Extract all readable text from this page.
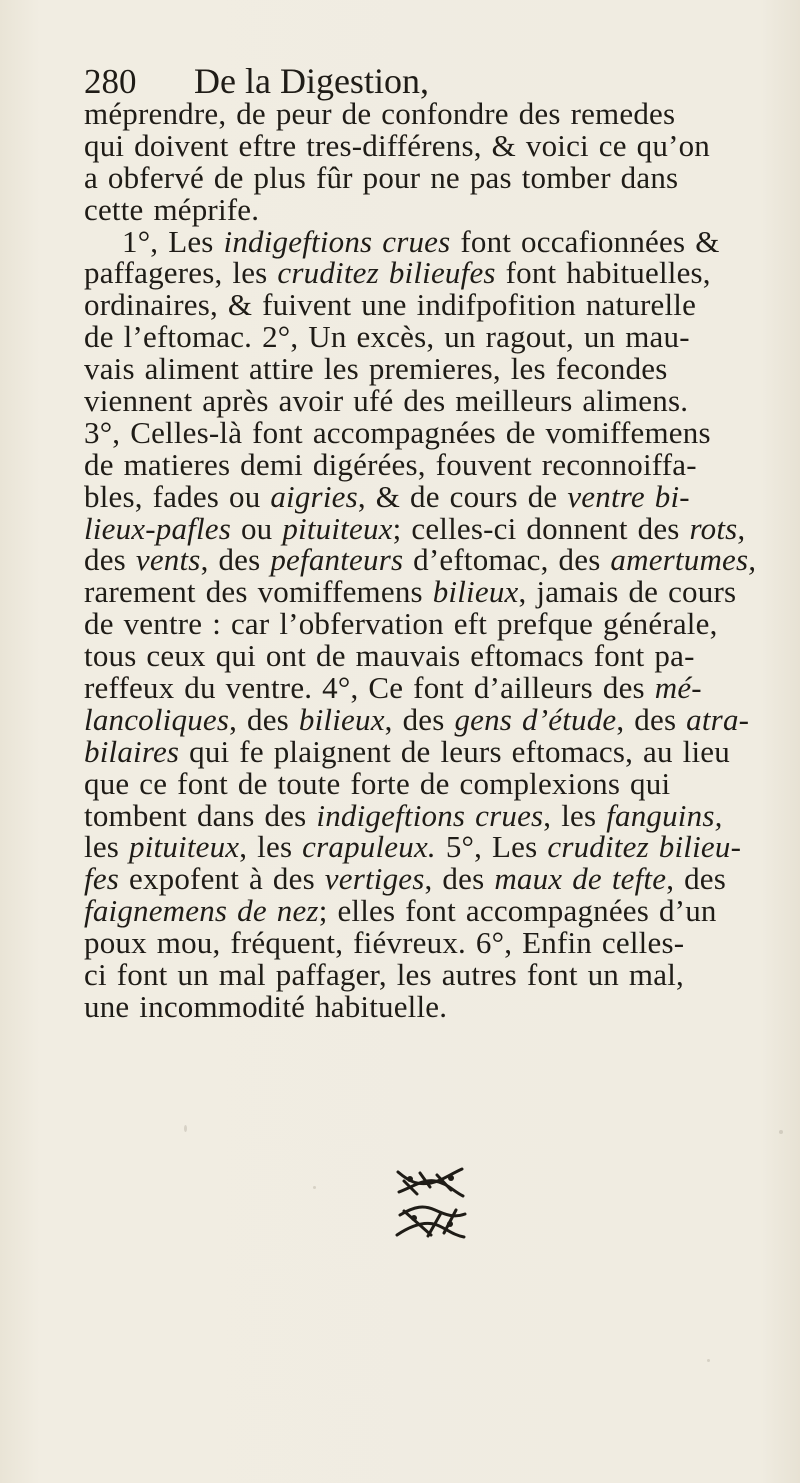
280	De la Digestion,
méprendre, de peur de confondre des remedes
qui doivent eftre tres-différens, & voici ce qu’on
a obfervé de plus fûr pour ne pas tomber dans
cette méprife.
1°, Les indigeftions crues font occafionnées &
paffageres, les cruditez bilieufes font habituelles,
ordinaires, & fuivent une indifpofition naturelle
de l’eftomac. 2°, Un excès, un ragout, un mau-
vais aliment attire les premieres, les fecondes
viennent après avoir ufé des meilleurs alimens.
3°, Celles-là font accompagnées de vomiffemens
de matieres demi digérées, fouvent reconnoiffa-
bles, fades ou aigries, & de cours de ventre bi-
lieux-pafles ou pituiteux; celles-ci donnent des rots,
des vents, des pefanteurs d’eftomac, des amertumes,
rarement des vomiffemens bilieux, jamais de cours
de ventre : car l’obfervation eft prefque générale,
tous ceux qui ont de mauvais eftomacs font pa-
reffeux du ventre. 4°, Ce font d’ailleurs des mé-
lancoliques, des bilieux, des gens d’étude, des atra-
bilaires qui fe plaignent de leurs eftomacs, au lieu
que ce font de toute forte de complexions qui
tombent dans des indigeftions crues, les fanguins,
les pituiteux, les crapuleux. 5°, Les cruditez bilieu-
fes expofent à des vertiges, des maux de tefte, des
faignemens de nez; elles font accompagnées d’un
poux mou, fréquent, fiévreux. 6°, Enfin celles-
ci font un mal paffager, les autres font un mal,
une incommodité habituelle.
